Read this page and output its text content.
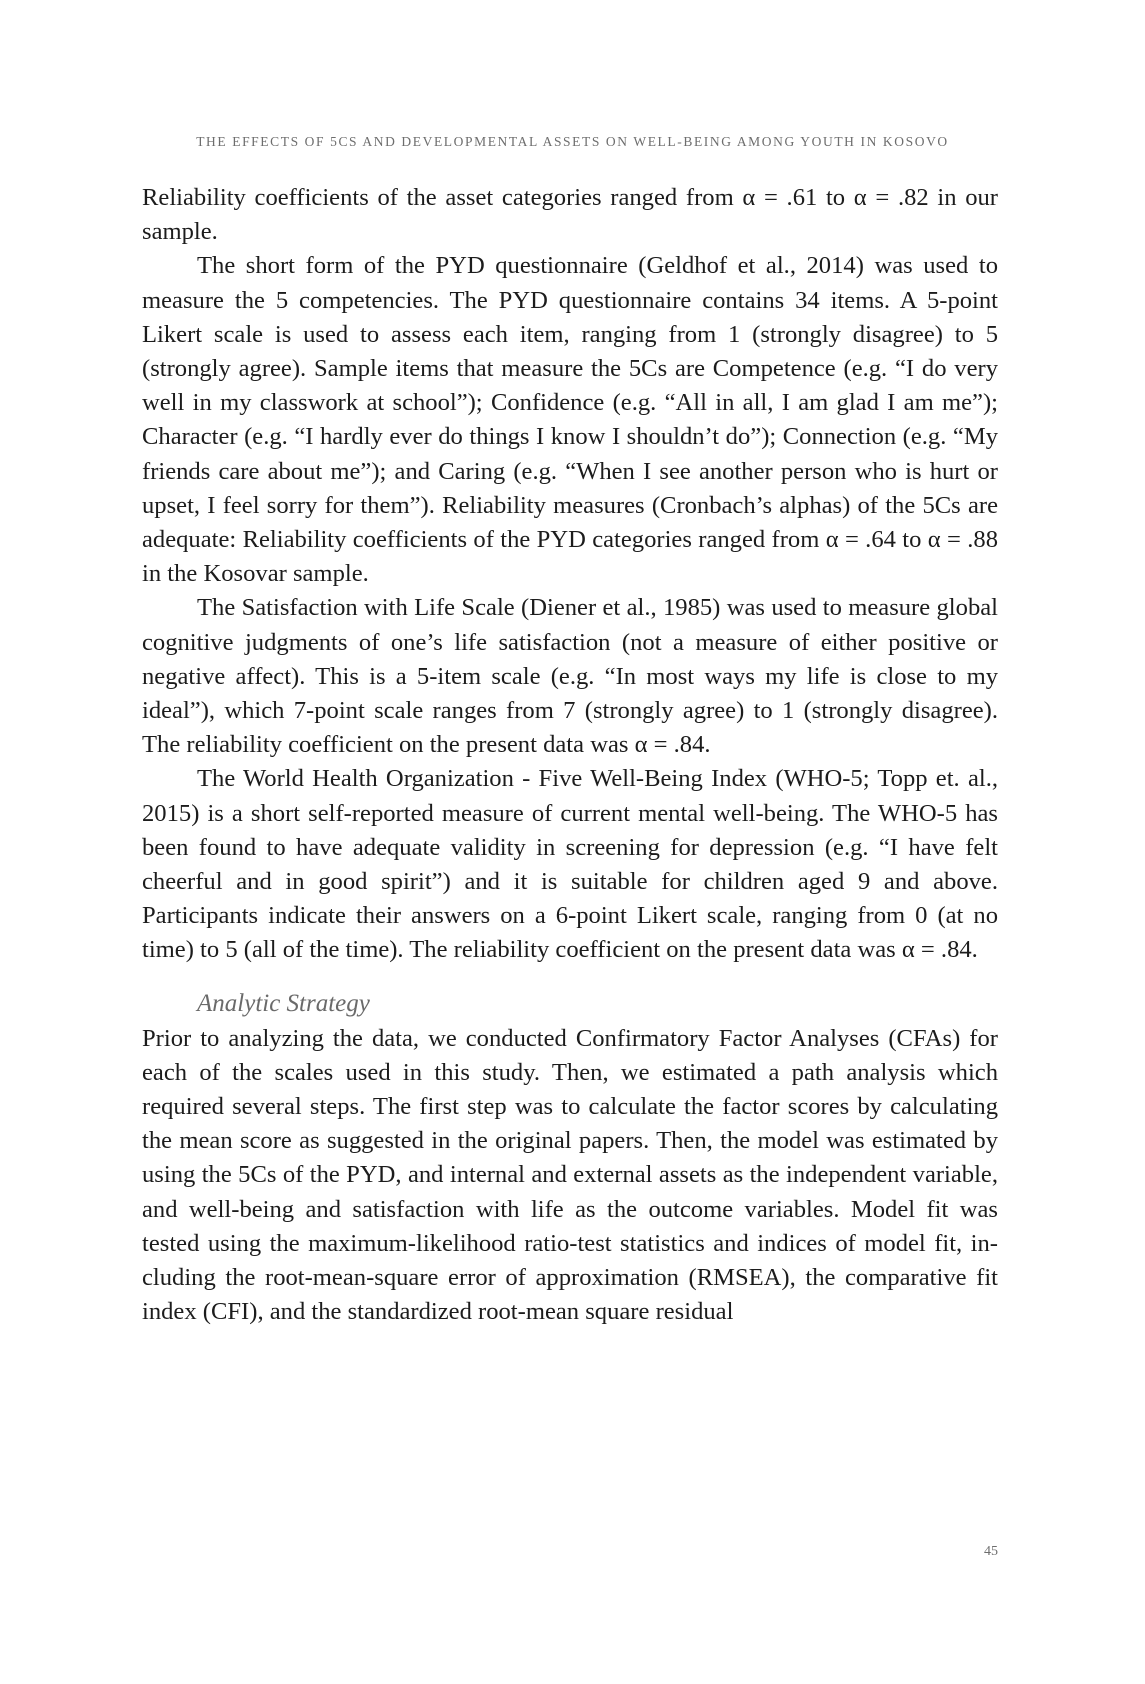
THE EFFECTS OF 5CS AND DEVELOPMENTAL ASSETS ON WELL-BEING AMONG YOUTH IN KOSOVO

Reliability coefficients of the asset categories ranged from α = .61 to α = .82 in our sample.

The short form of the PYD questionnaire (Geldhof et al., 2014) was used to measure the 5 competencies. The PYD questionnaire contains 34 items. A 5-point Likert scale is used to assess each item, ranging from 1 (strongly disagree) to 5 (strongly agree). Sample items that measure the 5Cs are Competence (e.g. “I do very well in my classwork at school”); Confidence (e.g. “All in all, I am glad I am me”); Character (e.g. “I hardly ever do things I know I shouldn’t do”); Connection (e.g. “My friends care about me”); and Caring (e.g. “When I see another person who is hurt or upset, I feel sorry for them”). Reliability measures (Cronbach’s alphas) of the 5Cs are adequate: Reliability coefficients of the PYD categories ranged from α = .64 to α = .88 in the Kosovar sample.

The Satisfaction with Life Scale (Diener et al., 1985) was used to measure global cognitive judgments of one’s life satisfaction (not a measure of either positive or negative affect). This is a 5-item scale (e.g. “In most ways my life is close to my ideal”), which 7-point scale ranges from 7 (strongly agree) to 1 (strongly disagree). The reliability coefficient on the present data was α = .84.

The World Health Organization - Five Well-Being Index (WHO-5; Topp et. al., 2015) is a short self-reported measure of current mental well-being. The WHO-5 has been found to have adequate validity in screening for depression (e.g. “I have felt cheerful and in good spirit”) and it is suitable for children aged 9 and above. Participants indicate their answers on a 6-point Likert scale, ranging from 0 (at no time) to 5 (all of the time). The reliability coefficient on the present data was α = .84.

Analytic Strategy

Prior to analyzing the data, we conducted Confirmatory Factor Analyses (CFAs) for each of the scales used in this study. Then, we estimated a path analysis which required several steps. The first step was to calculate the factor scores by calculating the mean score as suggested in the original papers. Then, the model was estimated by using the 5Cs of the PYD, and internal and external assets as the independent variable, and well-being and satisfaction with life as the outcome variables. Model fit was tested using the maximum-likelihood ratio-test statistics and indices of model fit, including the root-mean-square error of approximation (RMSEA), the comparative fit index (CFI), and the standardized root-mean square residual

45
